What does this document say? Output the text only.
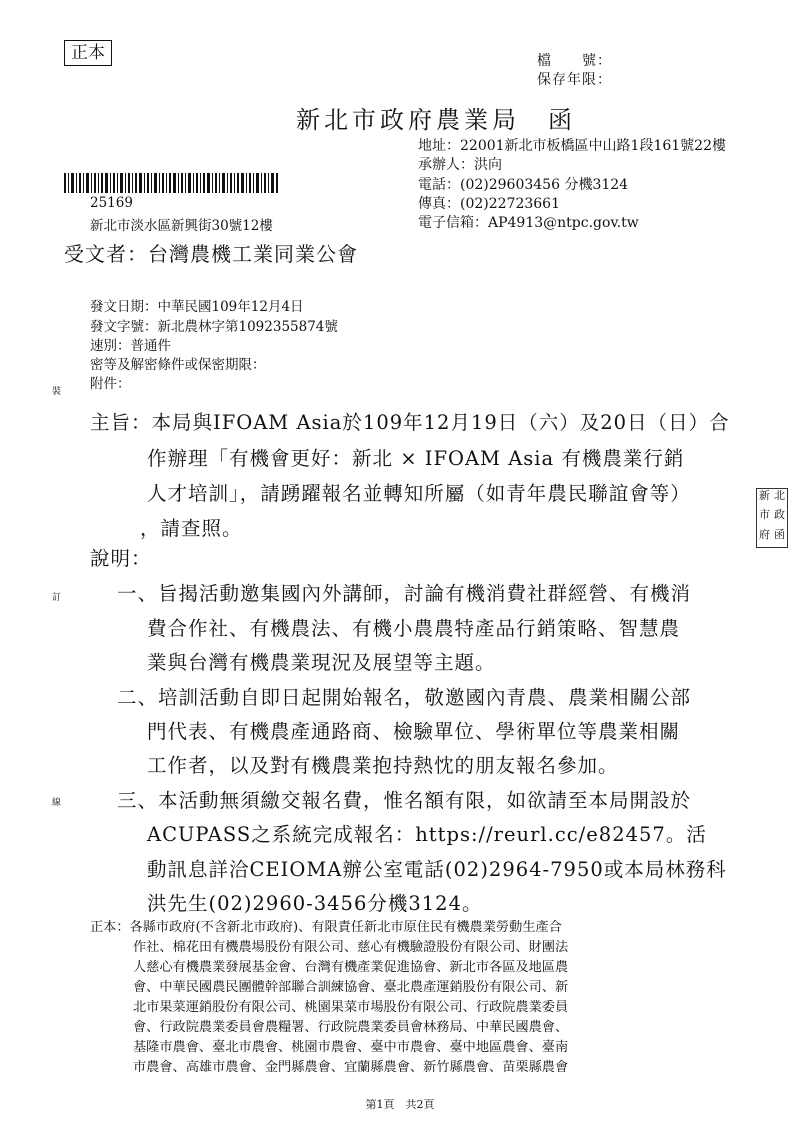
正本	檔　　號：
保存年限：
新北市政府農業局　函
地址：22001新北市板橋區中山路1段161號22樓
承辦人：洪向
電話：(02)29603456 分機3124
傳真：(02)22723661
電子信箱：AP4913@ntpc.gov.tw
25169
新北市淡水區新興街30號12樓
受文者：台灣農機工業同業公會
發文日期：中華民國109年12月4日
發文字號：新北農林字第1092355874號
速別：普通件
密等及解密條件或保密期限：
附件：
主旨：本局與IFOAM Asia於109年12月19日（六）及20日（日）合
作辦理「有機會更好：新北 × IFOAM Asia 有機農業行銷
人才培訓」，請踴躍報名並轉知所屬（如青年農民聯誼會等）
，請查照。
說明：
一、旨揭活動邀集國內外講師，討論有機消費社群經營、有機消
費合作社、有機農法、有機小農農特產品行銷策略、智慧農
業與台灣有機農業現況及展望等主題。
二、培訓活動自即日起開始報名，敬邀國內青農、農業相關公部
門代表、有機農產通路商、檢驗單位、學術單位等農業相關
工作者，以及對有機農業抱持熱忱的朋友報名參加。
三、本活動無須繳交報名費，惟名額有限，如欲請至本局開設於
ACUPASS之系統完成報名：https://reurl.cc/e82457。活
動訊息詳洽CEIOMA辦公室電話(02)2964-7950或本局林務科
洪先生(02)2960-3456分機3124。
正本：各縣市政府(不含新北市政府)、有限責任新北市原住民有機農業勞動生產合
作社、棉花田有機農場股份有限公司、慈心有機驗證股份有限公司、財團法
人慈心有機農業發展基金會、台灣有機產業促進協會、新北市各區及地區農
會、中華民國農民團體幹部聯合訓練協會、臺北農產運銷股份有限公司、新
北市果菜運銷股份有限公司、桃園果菜市場股份有限公司、行政院農業委員
會、行政院農業委員會農糧署、行政院農業委員會林務局、中華民國農會、
基隆市農會、臺北市農會、桃園市農會、臺中市農會、臺中地區農會、臺南
市農會、高雄市農會、金門縣農會、宜蘭縣農會、新竹縣農會、苗栗縣農會
裝
訂
線
新 北
市 政
府 函
第1頁　共2頁
